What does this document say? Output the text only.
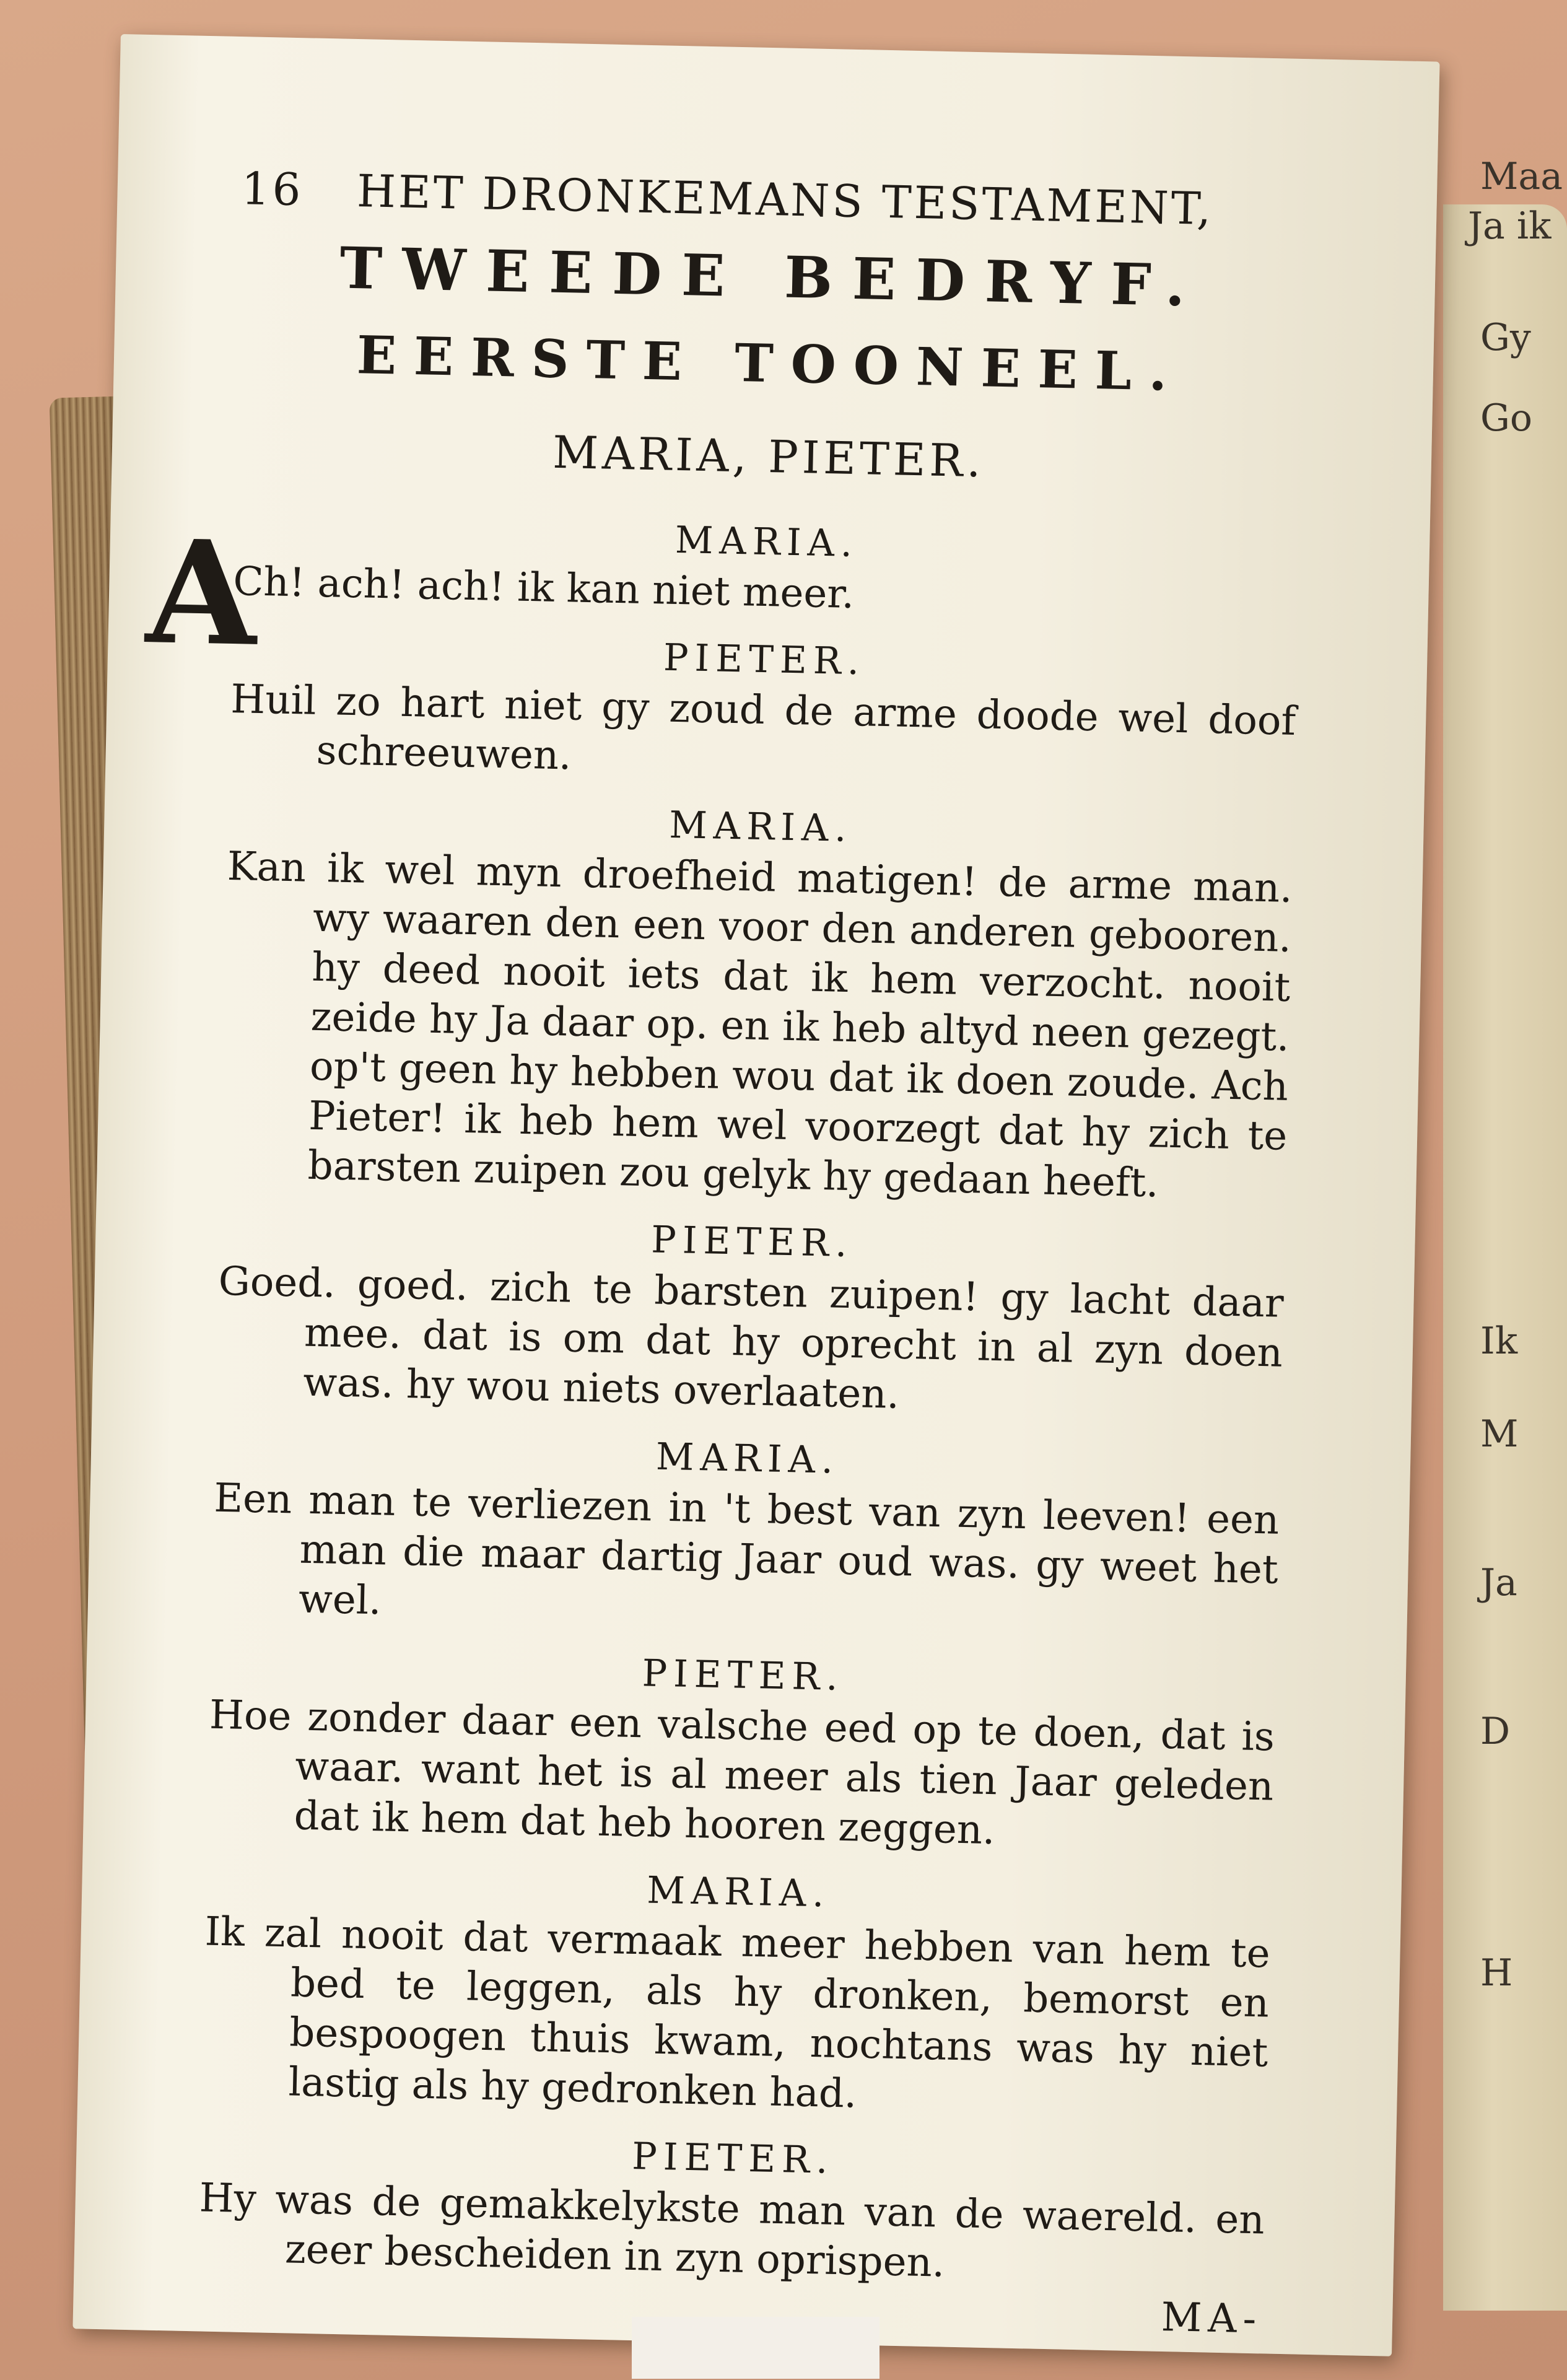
Maa
Ja ik
Gy
Go
Ik
M
Ja
D
H
16 HET DRONKEMANS TESTAMENT,
TWEEDE BEDRYF.
EERSTE TOONEEL.
MARIA, PIETER.
MARIA.
A
Ch! ach! ach! ik kan niet meer.
PIETER.
Huil zo hart niet gy zoud de arme doode wel doof schreeuwen.
MARIA.
Kan ik wel myn droefheid matigen! de arme man. wy waaren den een voor den anderen gebooren. hy deed nooit iets dat ik hem verzocht. nooit zeide hy Ja daar op. en ik heb altyd neen gezegt. op't geen hy hebben wou dat ik doen zoude. Ach Pieter! ik heb hem wel voorzegt dat hy zich te barsten zuipen zou gelyk hy gedaan heeft.
PIETER.
Goed. goed. zich te barsten zuipen! gy lacht daar mee. dat is om dat hy oprecht in al zyn doen was. hy wou niets overlaaten.
MARIA.
Een man te verliezen in 't best van zyn leeven! een man die maar dartig Jaar oud was. gy weet het wel.
PIETER.
Hoe zonder daar een valsche eed op te doen, dat is waar. want het is al meer als tien Jaar geleden dat ik hem dat heb hooren zeggen.
MARIA.
Ik zal nooit dat vermaak meer hebben van hem te bed te leggen, als hy dronken, bemorst en bespoogen thuis kwam, nochtans was hy niet lastig als hy gedronken had.
PIETER.
Hy was de gemakkelykste man van de waereld. en zeer bescheiden in zyn oprispen.
MA-
